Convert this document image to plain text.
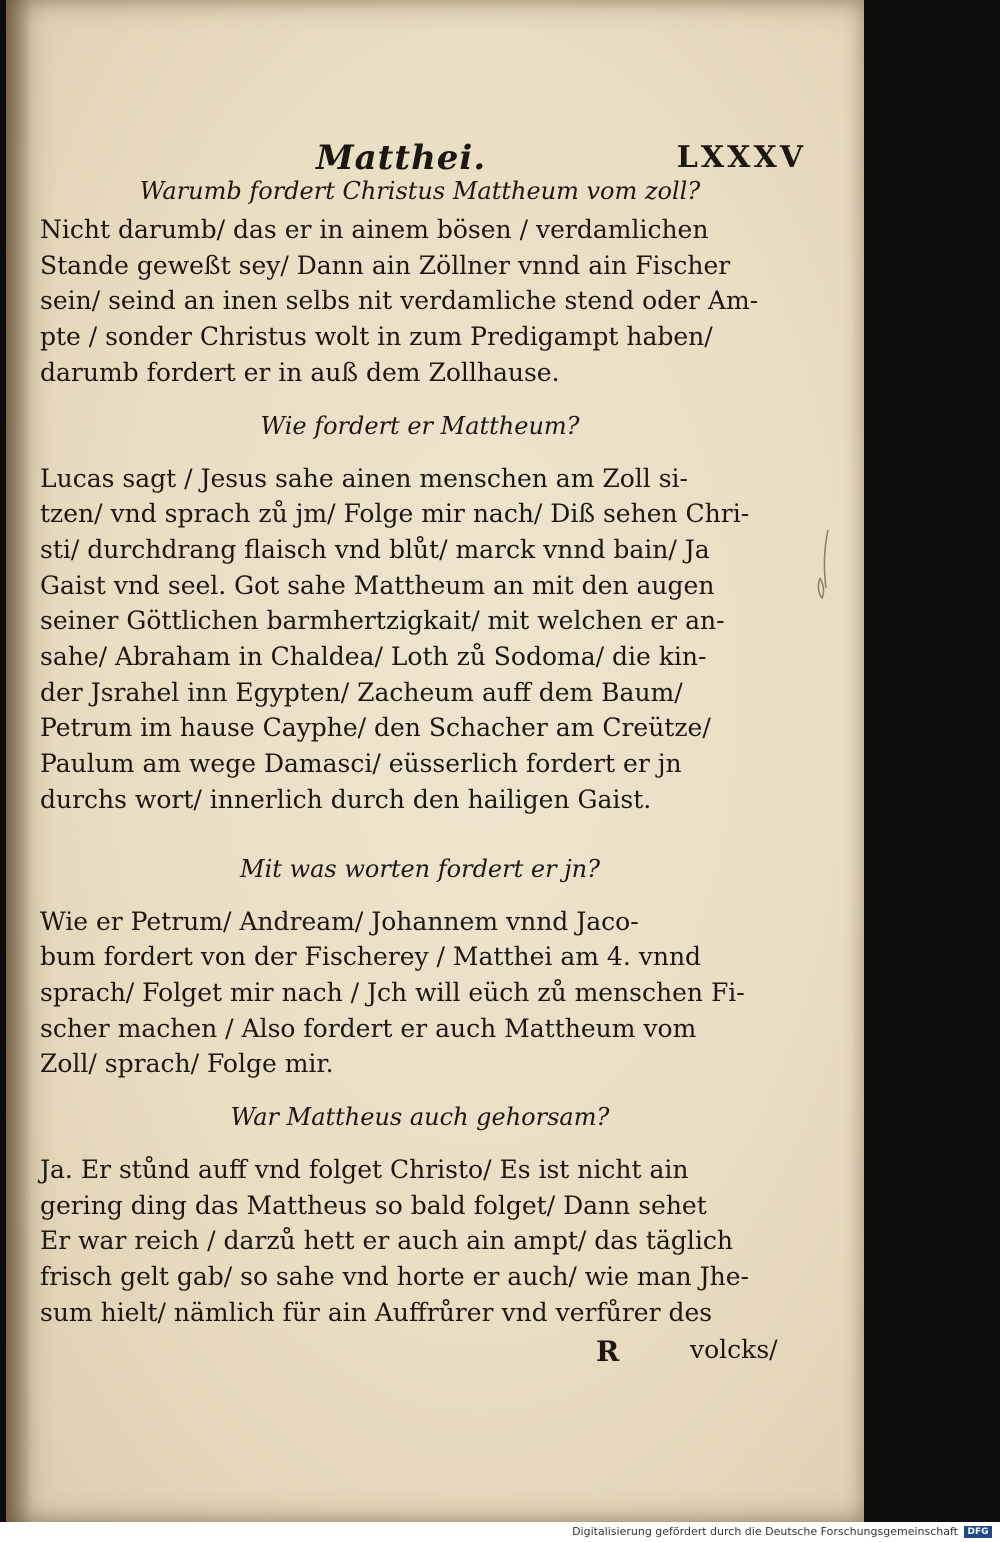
Matthei.	LXXXV

Warumb fordert Christus Mattheum vom zoll?

Nicht darumb/ das er in ainem bösen / verdamlichen
Stande geweßt sey/ Dann ain Zöllner vnnd ain Fischer
sein/ seind an inen selbs nit verdamliche stend oder Am-
pte / sonder Christus wolt in zum Predigampt haben/
darumb fordert er in auß dem Zollhause.

Wie fordert er Mattheum?

Lucas sagt / Jesus sahe ainen menschen am Zoll si-
tzen/ vnd sprach zů jm/ Folge mir nach/ Diß sehen Chri-
sti/ durchdrang flaisch vnd blůt/ marck vnnd bain/ Ja
Gaist vnd seel. Got sahe Mattheum an mit den augen
seiner Göttlichen barmhertzigkait/ mit welchen er an-
sahe/ Abraham in Chaldea/ Loth zů Sodoma/ die kin-
der Jsrahel inn Egypten/ Zacheum auff dem Baum/
Petrum im hause Cayphe/ den Schacher am Creütze/
Paulum am wege Damasci/ eüsserlich fordert er jn
durchs wort/ innerlich durch den hailigen Gaist.

Mit was worten fordert er jn?

Wie er Petrum/ Andream/ Johannem vnnd Jaco-
bum fordert von der Fischerey / Matthei am 4. vnnd
sprach/ Folget mir nach / Jch will eüch zů menschen Fi-
scher machen / Also fordert er auch Mattheum vom
Zoll/ sprach/ Folge mir.

War Mattheus auch gehorsam?

Ja. Er stůnd auff vnd folget Christo/ Es ist nicht ain
gering ding das Mattheus so bald folget/ Dann sehet
Er war reich / darzů hett er auch ain ampt/ das täglich
frisch gelt gab/ so sahe vnd horte er auch/ wie man Jhe-
sum hielt/ nämlich für ain Auffrůrer vnd verfůrer des
R	volcks/
Digitalisierung gefördert durch die Deutsche Forschungsgemeinschaft	DFG
